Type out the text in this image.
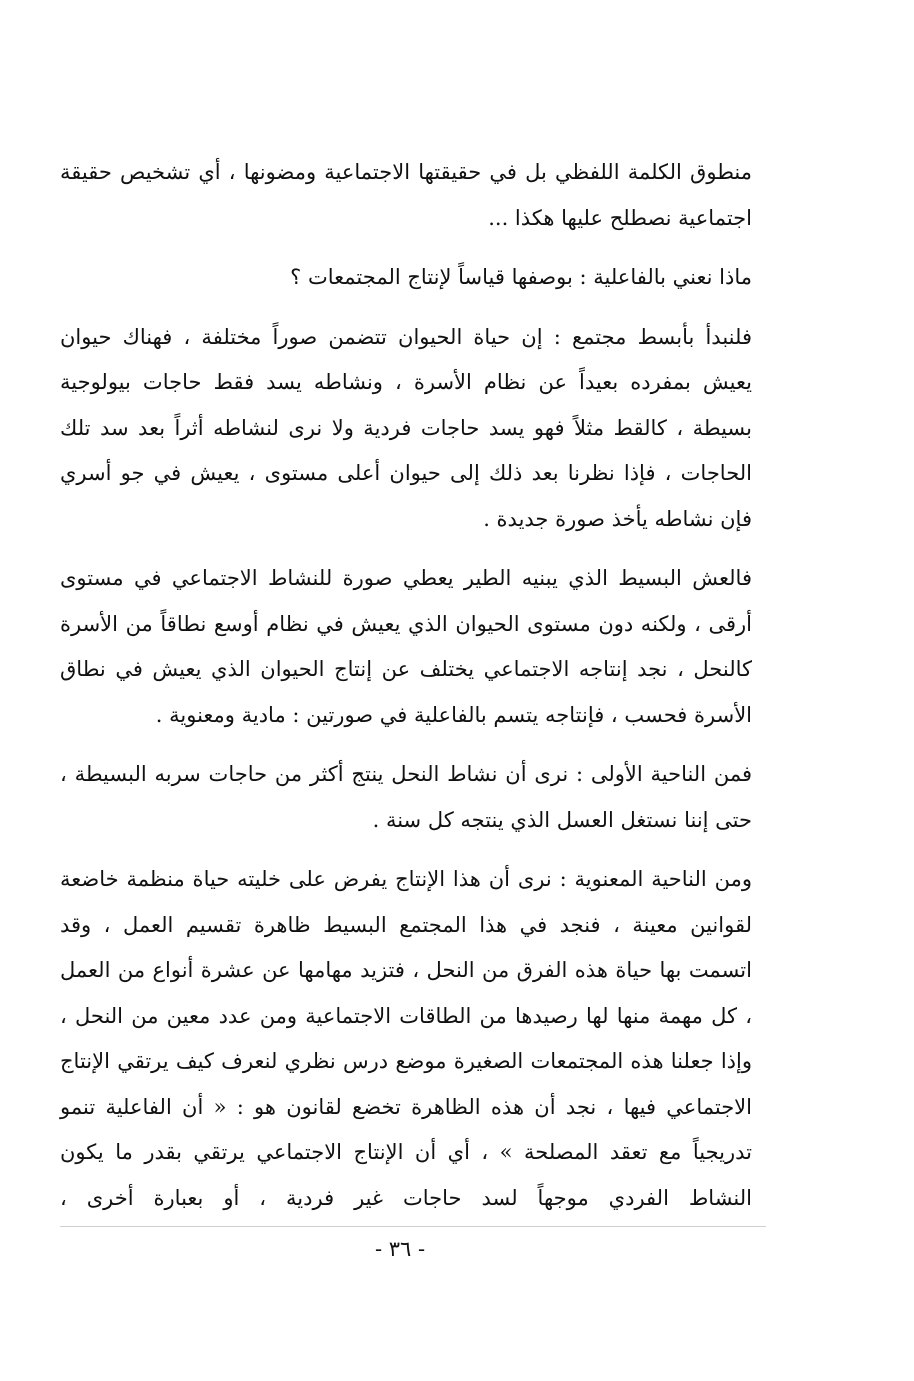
منطوق الكلمة اللفظي بل في حقيقتها الاجتماعية ومضونها ، أي تشخيص حقيقة اجتماعية نصطلح عليها هكذا ...

ماذا نعني بالفاعلية : بوصفها قياساً لإنتاج المجتمعات ؟

فلنبدأ بأبسط مجتمع : إن حياة الحيوان تتضمن صوراً مختلفة ، فهناك حيوان يعيش بمفرده بعيداً عن نظام الأسرة ، ونشاطه يسد فقط حاجات بيولوجية بسيطة ، كالقط مثلاً فهو يسد حاجات فردية ولا نرى لنشاطه أثراً بعد سد تلك الحاجات ، فإذا نظرنا بعد ذلك إلى حيوان أعلى مستوى ، يعيش في جو أسري فإن نشاطه يأخذ صورة جديدة .

فالعش البسيط الذي يبنيه الطير يعطي صورة للنشاط الاجتماعي في مستوى أرقى ، ولكنه دون مستوى الحيوان الذي يعيش في نظام أوسع نطاقاً من الأسرة كالنحل ، نجد إنتاجه الاجتماعي يختلف عن إنتاج الحيوان الذي يعيش في نطاق الأسرة فحسب ، فإنتاجه يتسم بالفاعلية في صورتين : مادية ومعنوية .

فمن الناحية الأولى : نرى أن نشاط النحل ينتج أكثر من حاجات سربه البسيطة ، حتى إننا نستغل العسل الذي ينتجه كل سنة .

ومن الناحية المعنوية : نرى أن هذا الإنتاج يفرض على خليته حياة منظمة خاضعة لقوانين معينة ، فنجد في هذا المجتمع البسيط ظاهرة تقسيم العمل ، وقد اتسمت بها حياة هذه الفرق من النحل ، فتزيد مهامها عن عشرة أنواع من العمل ، كل مهمة منها لها رصيدها من الطاقات الاجتماعية ومن عدد معين من النحل ، وإذا جعلنا هذه المجتمعات الصغيرة موضع درس نظري لنعرف كيف يرتقي الإنتاج الاجتماعي فيها ، نجد أن هذه الظاهرة تخضع لقانون هو : « أن الفاعلية تنمو تدريجياً مع تعقد المصلحة » ، أي أن الإنتاج الاجتماعي يرتقي بقدر ما يكون النشاط الفردي موجهاً لسد حاجات غير فردية ، أو بعبارة أخرى ،

- ٣٦ -
